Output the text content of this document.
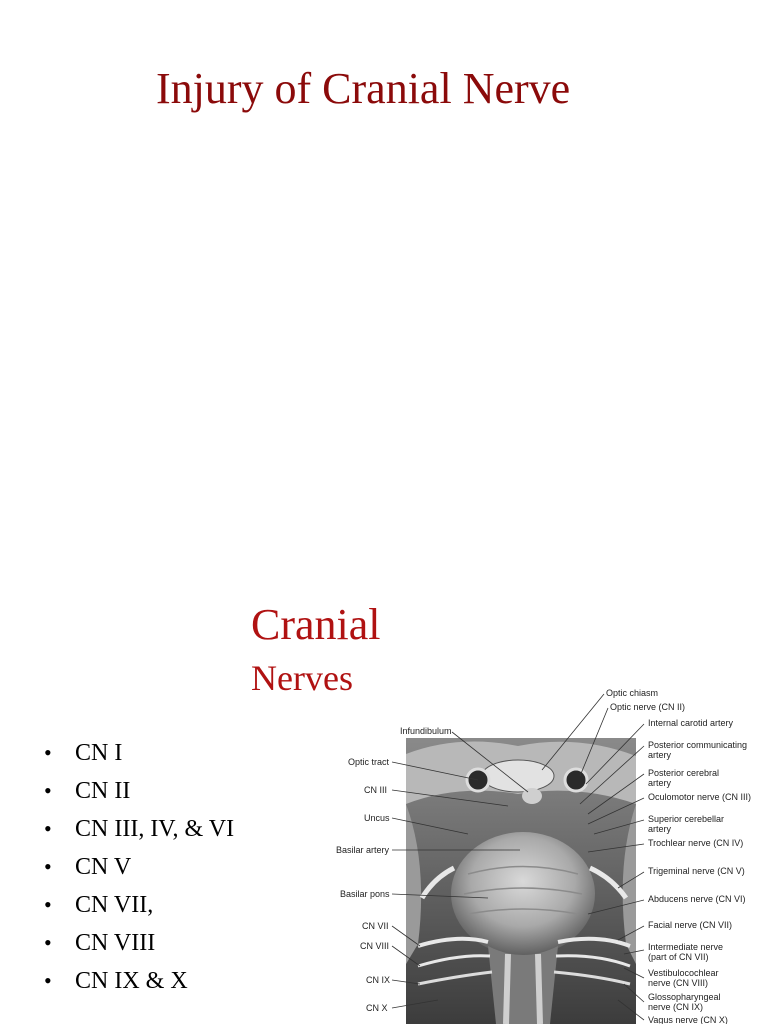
Injury of Cranial Nerve
Cranial
Nerves
• CN I
• CN II
• CN III, IV, & VI
• CN V
• CN VII,
• CN VIII
• CN IX & X
Infundibulum
Optic tract
CN III
Uncus
Basilar artery
Basilar pons
CN VII
CN VIII
CN IX
CN X
Optic chiasm
Optic nerve (CN II)
Internal carotid artery
Posterior communicating artery
Posterior cerebral artery
Oculomotor nerve (CN III)
Superior cerebellar artery
Trochlear nerve (CN IV)
Trigeminal nerve (CN V)
Abducens nerve (CN VI)
Facial nerve (CN VII)
Intermediate nerve (part of CN VII)
Vestibulocochlear nerve (CN VIII)
Glossopharyngeal nerve (CN IX)
Vagus nerve (CN X)
